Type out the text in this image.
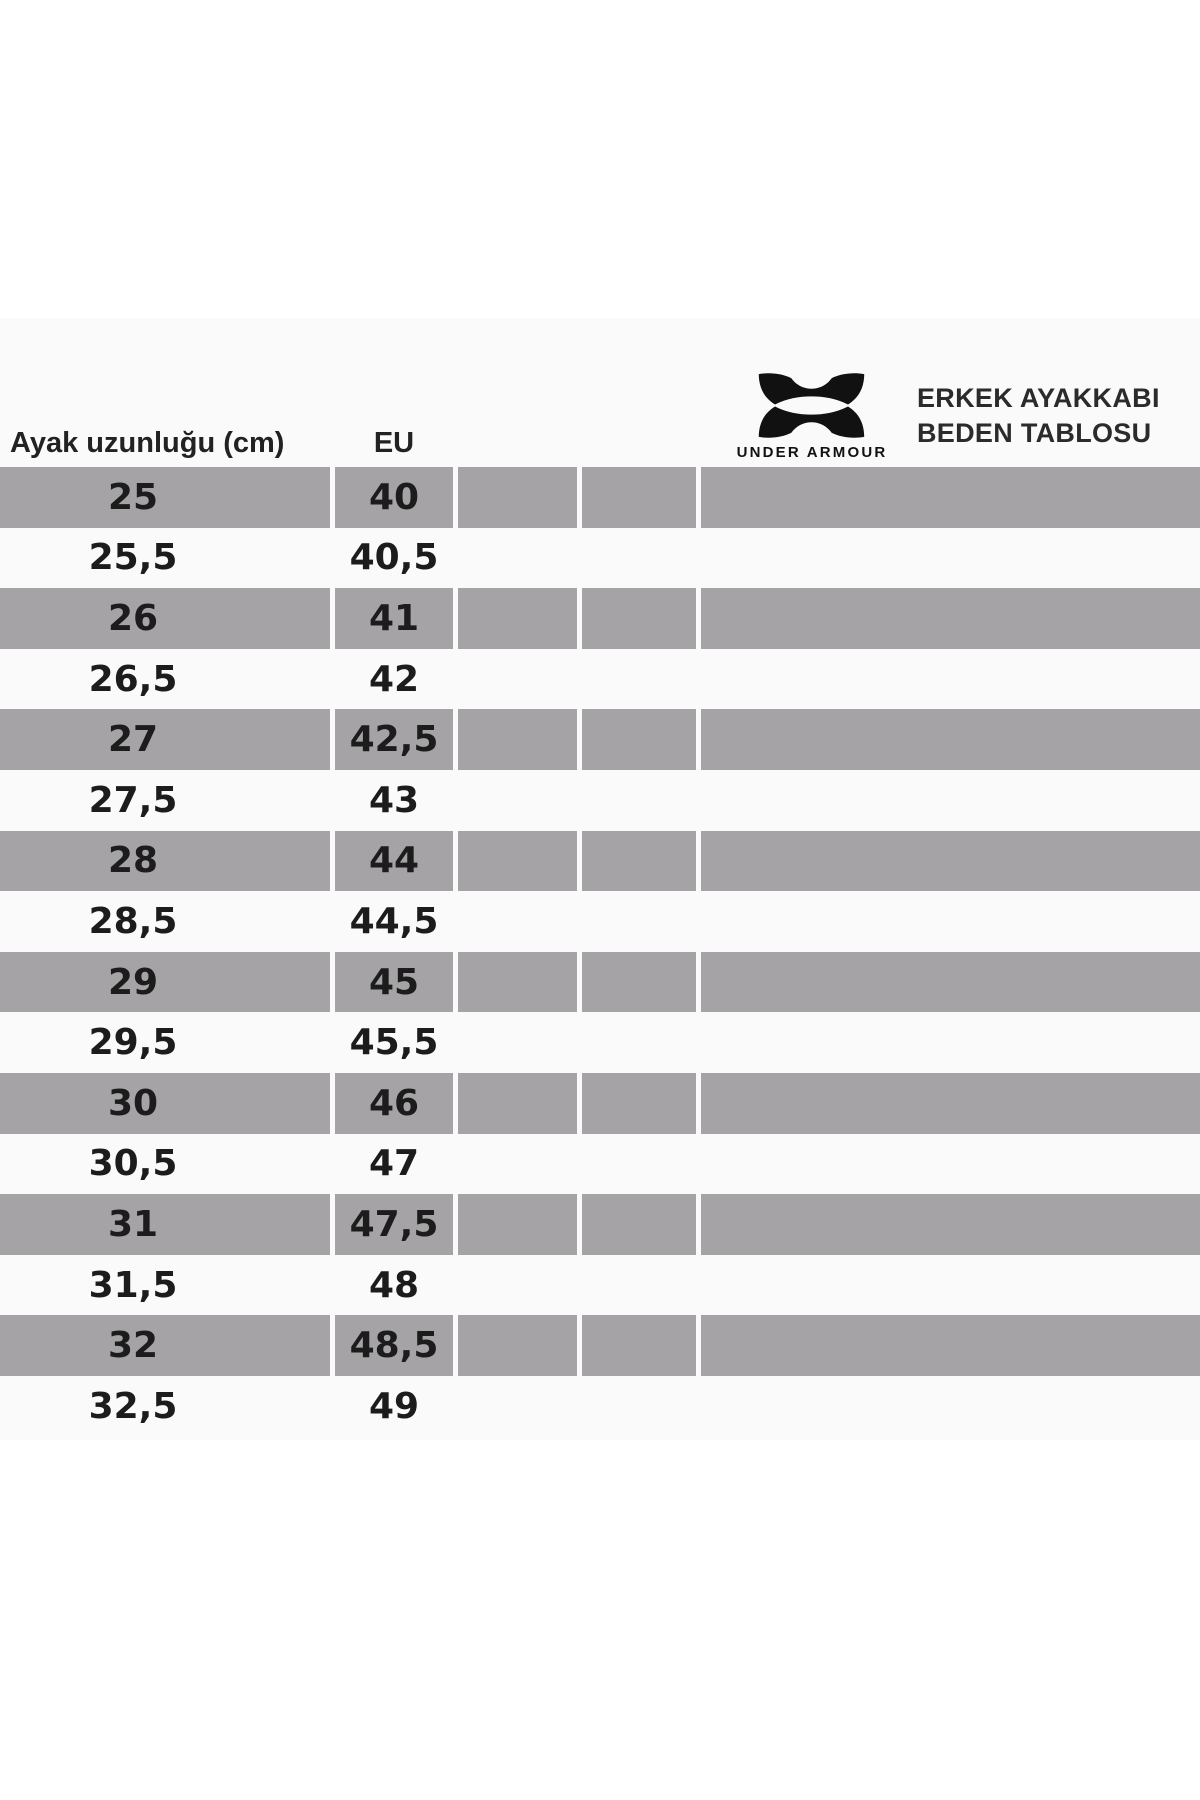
Ayak uzunluğu (cm)	EU	UNDER ARMOUR
ERKEK AYAKKABI
BEDEN TABLOSU
25	40
25,5	40,5
26	41
26,5	42
27	42,5
27,5	43
28	44
28,5	44,5
29	45
29,5	45,5
30	46
30,5	47
31	47,5
31,5	48
32	48,5
32,5	49
